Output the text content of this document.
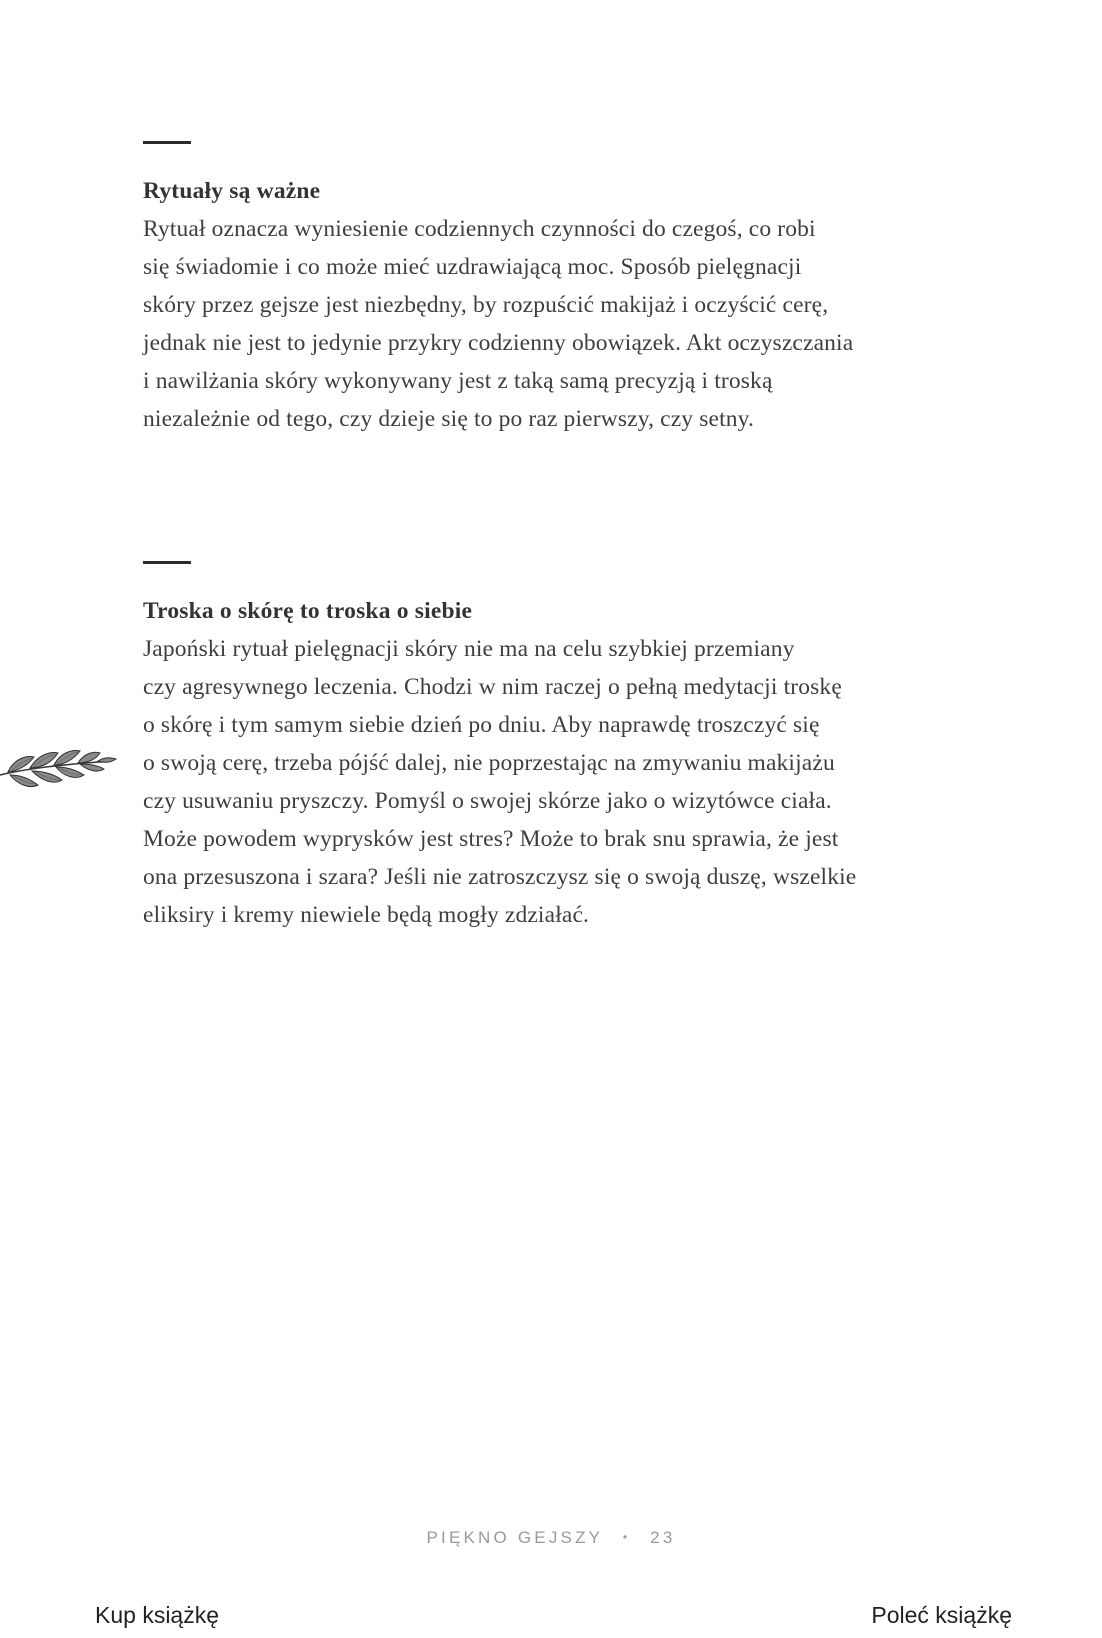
Rytuały są ważne
Rytuał oznacza wyniesienie codziennych czynności do czegoś, co robi
się świadomie i co może mieć uzdrawiającą moc. Sposób pielęgnacji
skóry przez gejsze jest niezbędny, by rozpuścić makijaż i oczyścić cerę,
jednak nie jest to jedynie przykry codzienny obowiązek. Akt oczyszczania
i nawilżania skóry wykonywany jest z taką samą precyzją i troską
niezależnie od tego, czy dzieje się to po raz pierwszy, czy setny.
Troska o skórę to troska o siebie
Japoński rytuał pielęgnacji skóry nie ma na celu szybkiej przemiany
czy agresywnego leczenia. Chodzi w nim raczej o pełną medytacji troskę
o skórę i tym samym siebie dzień po dniu. Aby naprawdę troszczyć się
o swoją cerę, trzeba pójść dalej, nie poprzestając na zmywaniu makijażu
czy usuwaniu pryszczy. Pomyśl o swojej skórze jako o wizytówce ciała.
Może powodem wyprysków jest stres? Może to brak snu sprawia, że jest
ona przesuszona i szara? Jeśli nie zatroszczysz się o swoją duszę, wszelkie
eliksiry i kremy niewiele będą mogły zdziałać.
PIĘKNO GEJSZY • 23
Kup książkę	Poleć książkę
